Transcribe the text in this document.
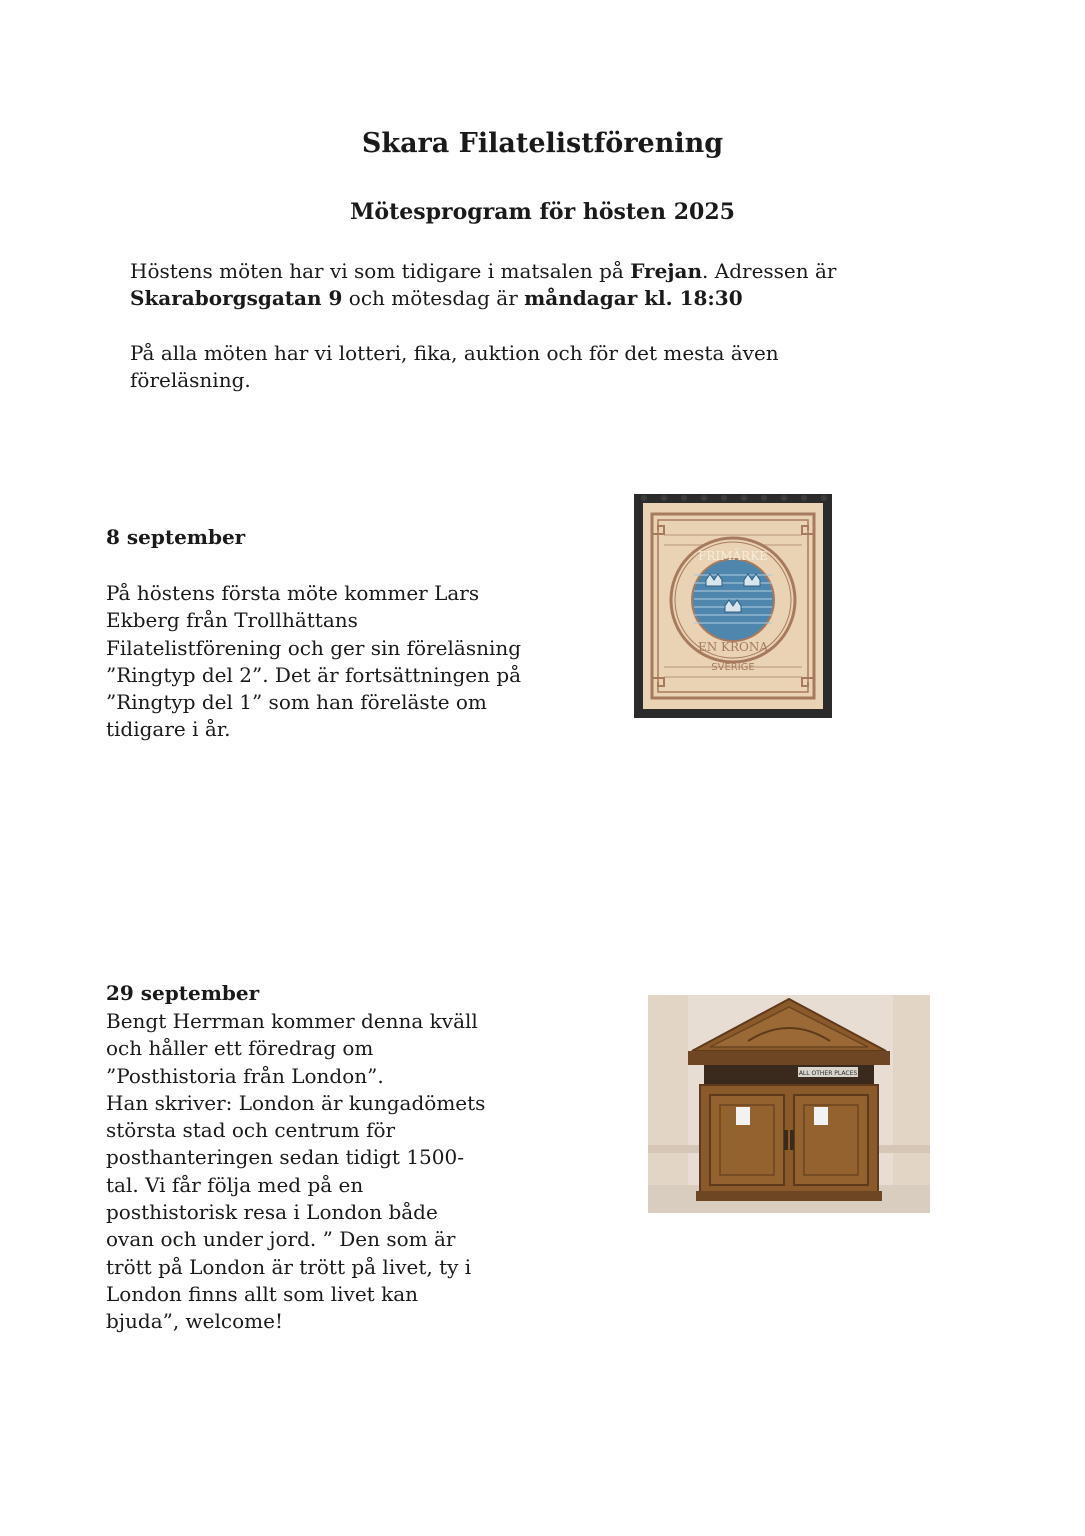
Skara Filatelistförening
Mötesprogram för hösten 2025

Höstens möten har vi som tidigare i matsalen på Frejan. Adressen är
Skaraborgsgatan 9 och mötesdag är måndagar kl. 18:30

På alla möten har vi lotteri, fika, auktion och för det mesta även
föreläsning.

8 september

På höstens första möte kommer Lars
Ekberg från Trollhättans
Filatelistförening och ger sin föreläsning
”Ringtyp del 2”. Det är fortsättningen på
”Ringtyp del 1” som han föreläste om
tidigare i år.

FRIMÄRKE
EN KRONA
SVERIGE

29 september

Bengt Herrman kommer denna kväll
och håller ett föredrag om
”Posthistoria från London”.
Han skriver: London är kungadömets
största stad och centrum för
posthanteringen sedan tidigt 1500-
tal. Vi får följa med på en
posthistorisk resa i London både
ovan och under jord. ” Den som är
trött på London är trött på livet, ty i
London finns allt som livet kan
bjuda”, welcome!

ALL OTHER PLACES
